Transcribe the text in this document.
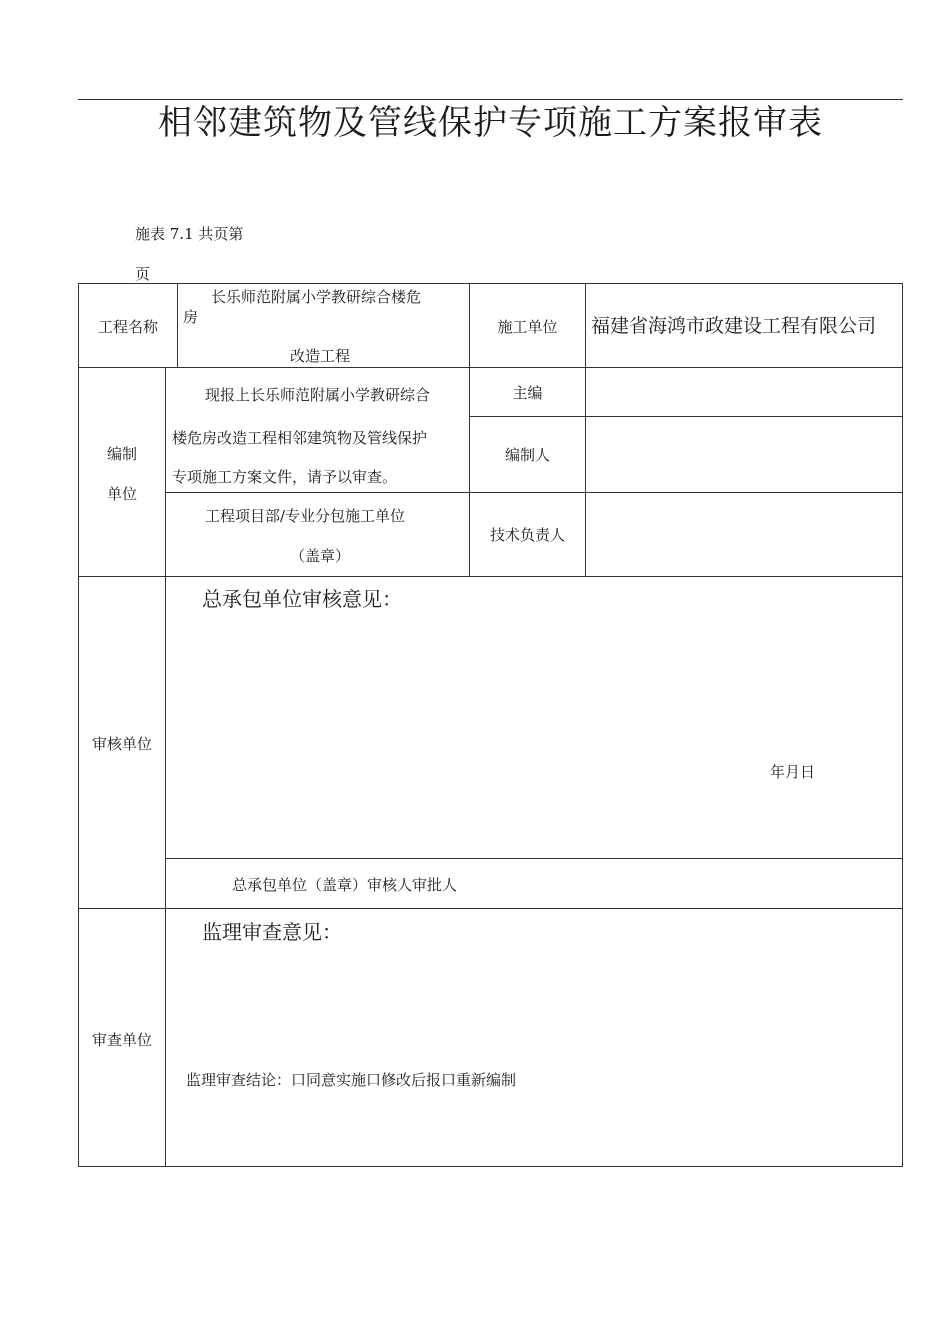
相邻建筑物及管线保护专项施工方案报审表
施表 7.1 共页第
页
工程名称
长乐师范附属小学教研综合楼危
房
改造工程
施工单位	福建省海鸿市政建设工程有限公司
编制
单位
现报上长乐师范附属小学教研综合
楼危房改造工程相邻建筑物及管线保护
专项施工方案文件，请予以审查。
工程项目部/专业分包施工单位
（盖章）
主编
编制人
技术负责人
审核单位
总承包单位审核意见：
年月日
总承包单位（盖章）审核人审批人
审查单位
监理审查意见：
监理审查结论：口同意实施口修改后报口重新编制
